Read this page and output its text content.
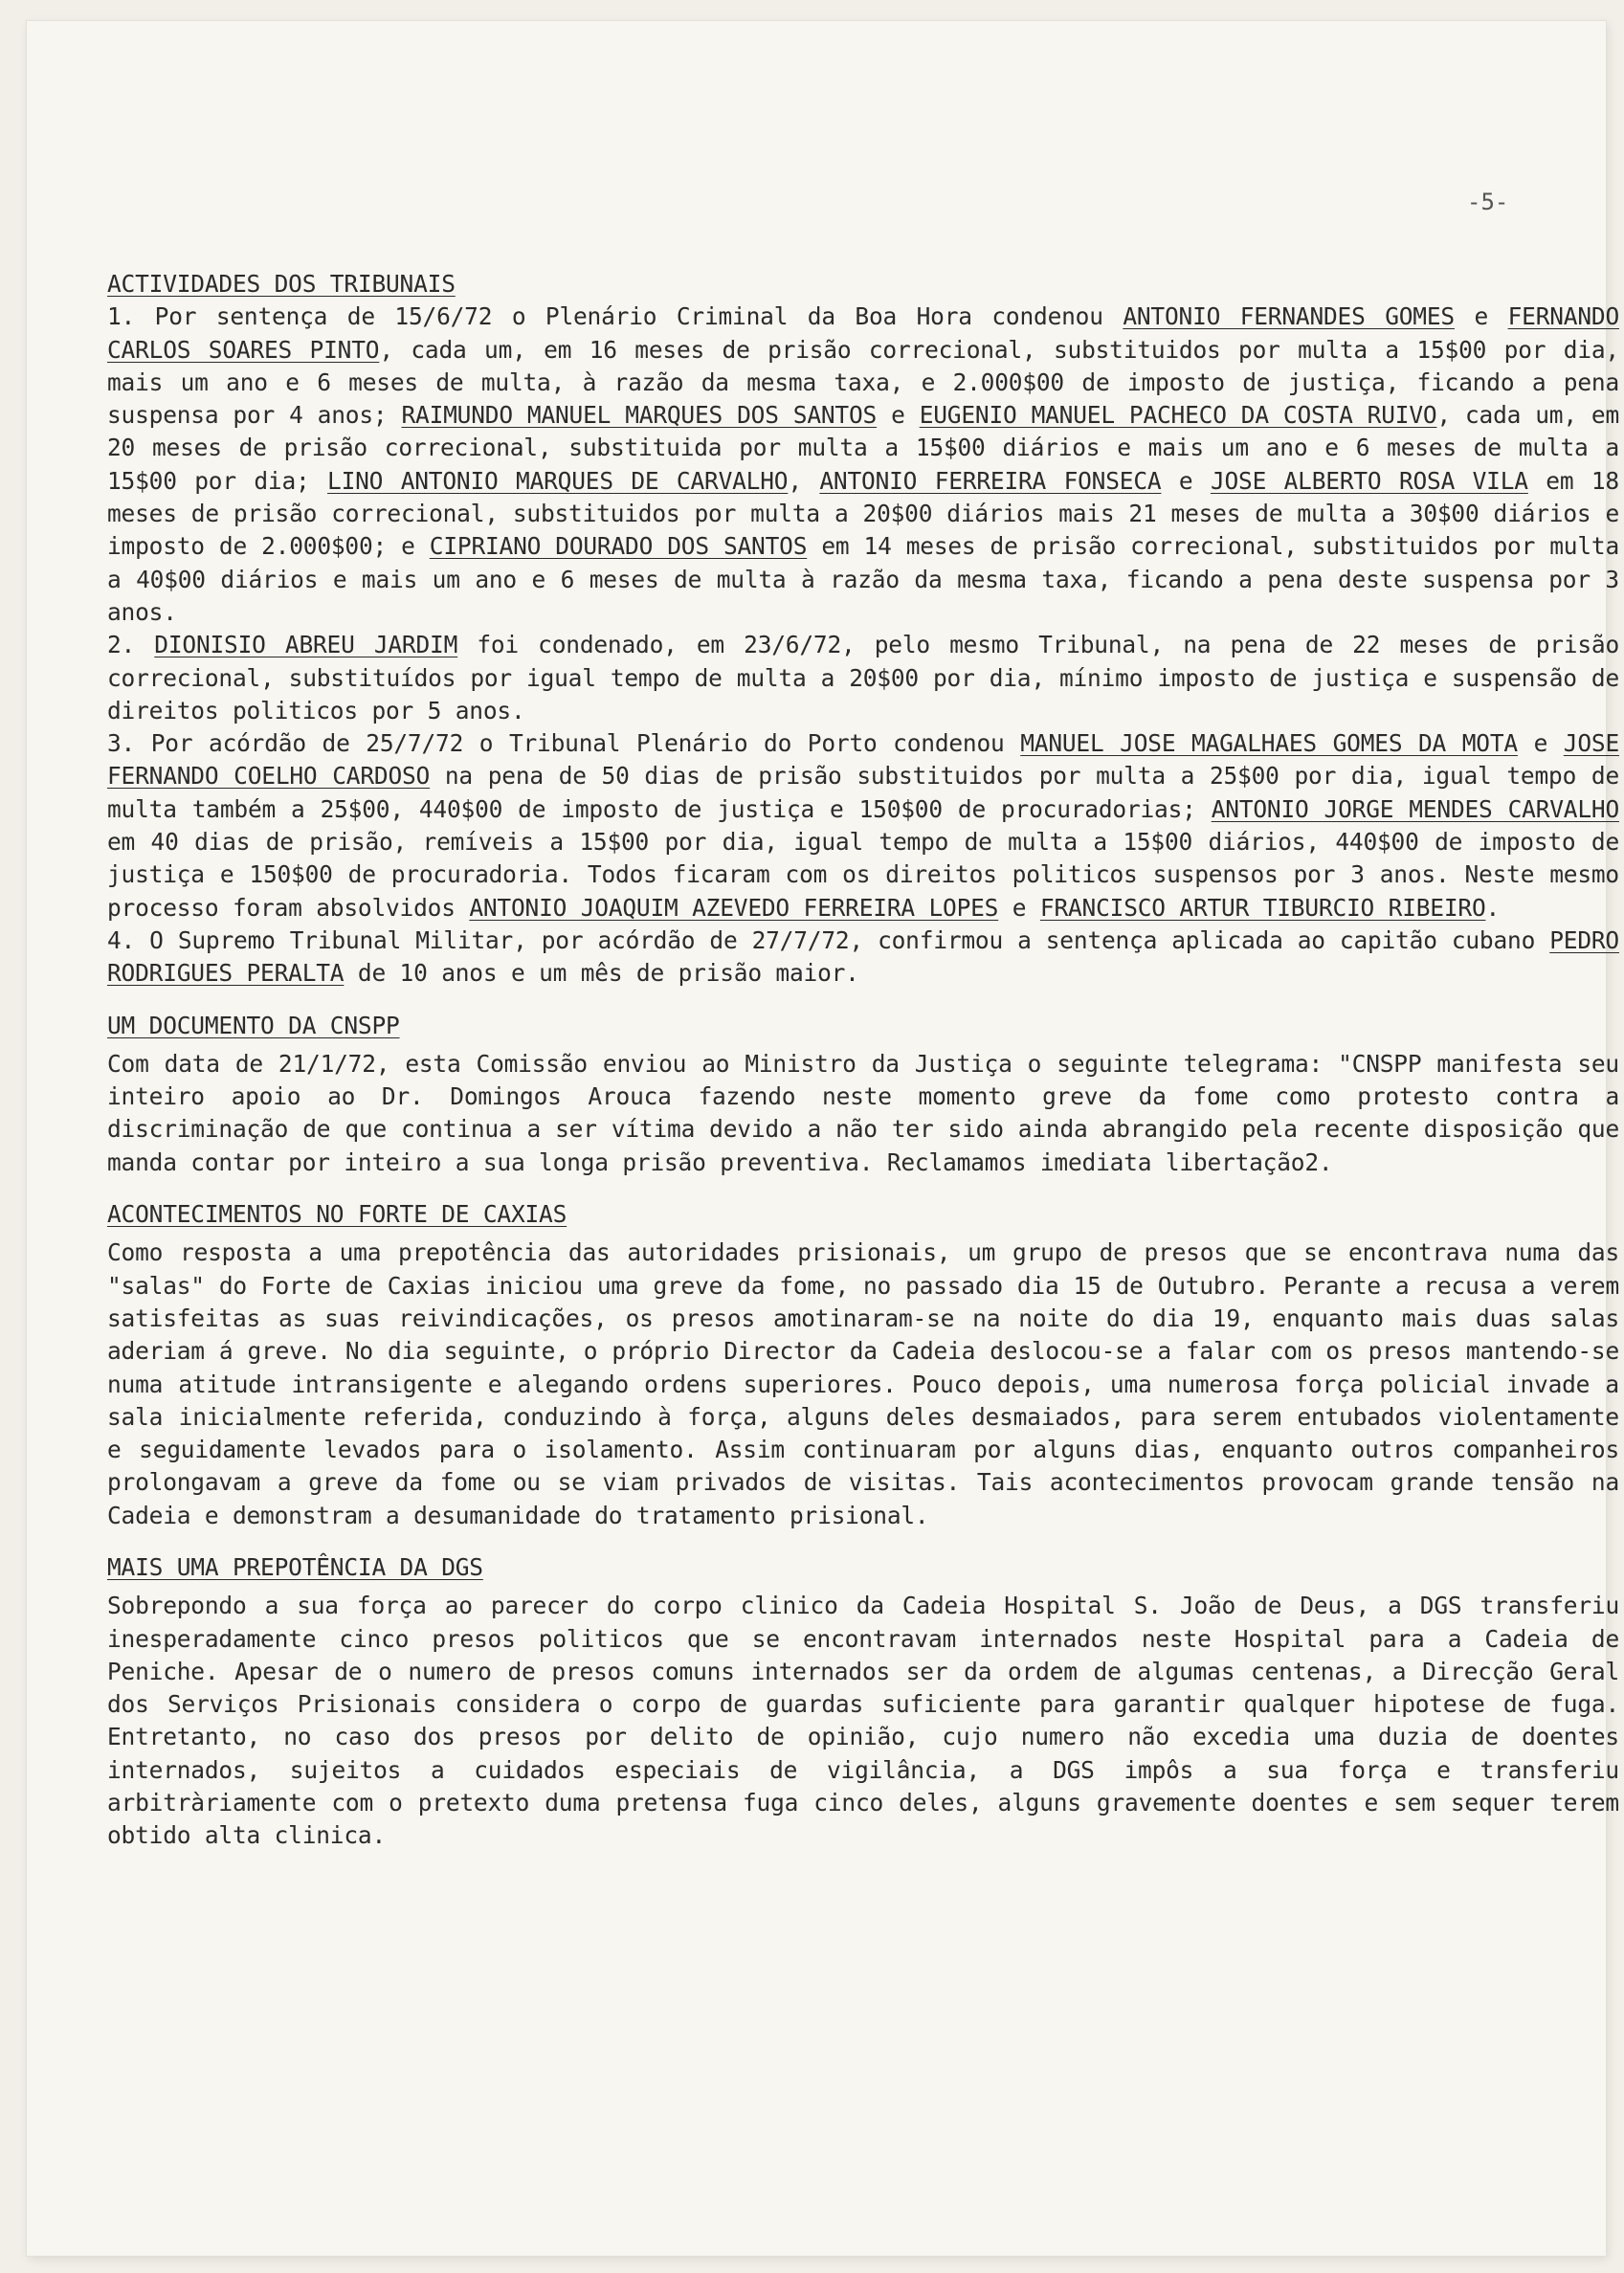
-5-
ACTIVIDADES DOS TRIBUNAIS

1. Por sentença de 15/6/72 o Plenário Criminal da Boa Hora condenou ANTONIO FERNANDES GOMES e FERNANDO CARLOS SOARES PINTO, cada um, em 16 meses de prisão correcional, substituidos por multa a 15$00 por dia, mais um ano e 6 meses de multa, à razão da mesma taxa, e 2.000$00 de imposto de justiça, ficando a pena suspensa por 4 anos; RAIMUNDO MANUEL MARQUES DOS SANTOS e EUGENIO MANUEL PACHECO DA COSTA RUIVO, cada um, em 20 meses de prisão correcional, substituida por multa a 15$00 diários e mais um ano e 6 meses de multa a 15$00 por dia; LINO ANTONIO MARQUES DE CARVALHO, ANTONIO FERREIRA FONSECA e JOSE ALBERTO ROSA VILA em 18 meses de prisão correcional, substituidos por multa a 20$00 diários mais 21 meses de multa a 30$00 diários e imposto de 2.000$00; e CIPRIANO DOURADO DOS SANTOS em 14 meses de prisão correcional, substituidos por multa a 40$00 diários e mais um ano e 6 meses de multa à razão da mesma taxa, ficando a pena deste suspensa por 3 anos.

2. DIONISIO ABREU JARDIM foi condenado, em 23/6/72, pelo mesmo Tribunal, na pena de 22 meses de prisão correcional, substituídos por igual tempo de multa a 20$00 por dia, mínimo imposto de justiça e suspensão de direitos politicos por 5 anos.

3. Por acórdão de 25/7/72 o Tribunal Plenário do Porto condenou MANUEL JOSE MAGALHAES GOMES DA MOTA e JOSE FERNANDO COELHO CARDOSO na pena de 50 dias de prisão substituidos por multa a 25$00 por dia, igual tempo de multa também a 25$00, 440$00 de imposto de justiça e 150$00 de procuradorias; ANTONIO JORGE MENDES CARVALHO em 40 dias de prisão, remíveis a 15$00 por dia, igual tempo de multa a 15$00 diários, 440$00 de imposto de justiça e 150$00 de procuradoria. Todos ficaram com os direitos politicos suspensos por 3 anos. Neste mesmo processo foram absolvidos ANTONIO JOAQUIM AZEVEDO FERREIRA LOPES e FRANCISCO ARTUR TIBURCIO RIBEIRO.

4. O Supremo Tribunal Militar, por acórdão de 27/7/72, confirmou a sentença aplicada ao capitão cubano PEDRO RODRIGUES PERALTA de 10 anos e um mês de prisão maior.

UM DOCUMENTO DA CNSPP

Com data de 21/1/72, esta Comissão enviou ao Ministro da Justiça o seguinte telegrama: "CNSPP manifesta seu inteiro apoio ao Dr. Domingos Arouca fazendo neste momento greve da fome como protesto contra a discriminação de que continua a ser vítima devido a não ter sido ainda abrangido pela recente disposição que manda contar por inteiro a sua longa prisão preventiva. Reclamamos imediata libertação2.

ACONTECIMENTOS NO FORTE DE CAXIAS

Como resposta a uma prepotência das autoridades prisionais, um grupo de presos que se encontrava numa das "salas" do Forte de Caxias iniciou uma greve da fome, no passado dia 15 de Outubro. Perante a recusa a verem satisfeitas as suas reivindicações, os presos amotinaram-se na noite do dia 19, enquanto mais duas salas aderiam á greve. No dia seguinte, o próprio Director da Cadeia deslocou-se a falar com os presos mantendo-se numa atitude intransigente e alegando ordens superiores. Pouco depois, uma numerosa força policial invade a sala inicialmente referida, conduzindo à força, alguns deles desmaiados, para serem entubados violentamente e seguidamente levados para o isolamento. Assim continuaram por alguns dias, enquanto outros companheiros prolongavam a greve da fome ou se viam privados de visitas. Tais acontecimentos provocam grande tensão na Cadeia e demonstram a desumanidade do tratamento prisional.

MAIS UMA PREPOTÊNCIA DA DGS

Sobrepondo a sua força ao parecer do corpo clinico da Cadeia Hospital S. João de Deus, a DGS transferiu inesperadamente cinco presos politicos que se encontravam internados neste Hospital para a Cadeia de Peniche. Apesar de o numero de presos comuns internados ser da ordem de algumas centenas, a Direcção Geral dos Serviços Prisionais considera o corpo de guardas suficiente para garantir qualquer hipotese de fuga. Entretanto, no caso dos presos por delito de opinião, cujo numero não excedia uma duzia de doentes internados, sujeitos a cuidados especiais de vigilância, a DGS impôs a sua força e transferiu arbitràriamente com o pretexto duma pretensa fuga cinco deles, alguns gravemente doentes e sem sequer terem obtido alta clinica.
